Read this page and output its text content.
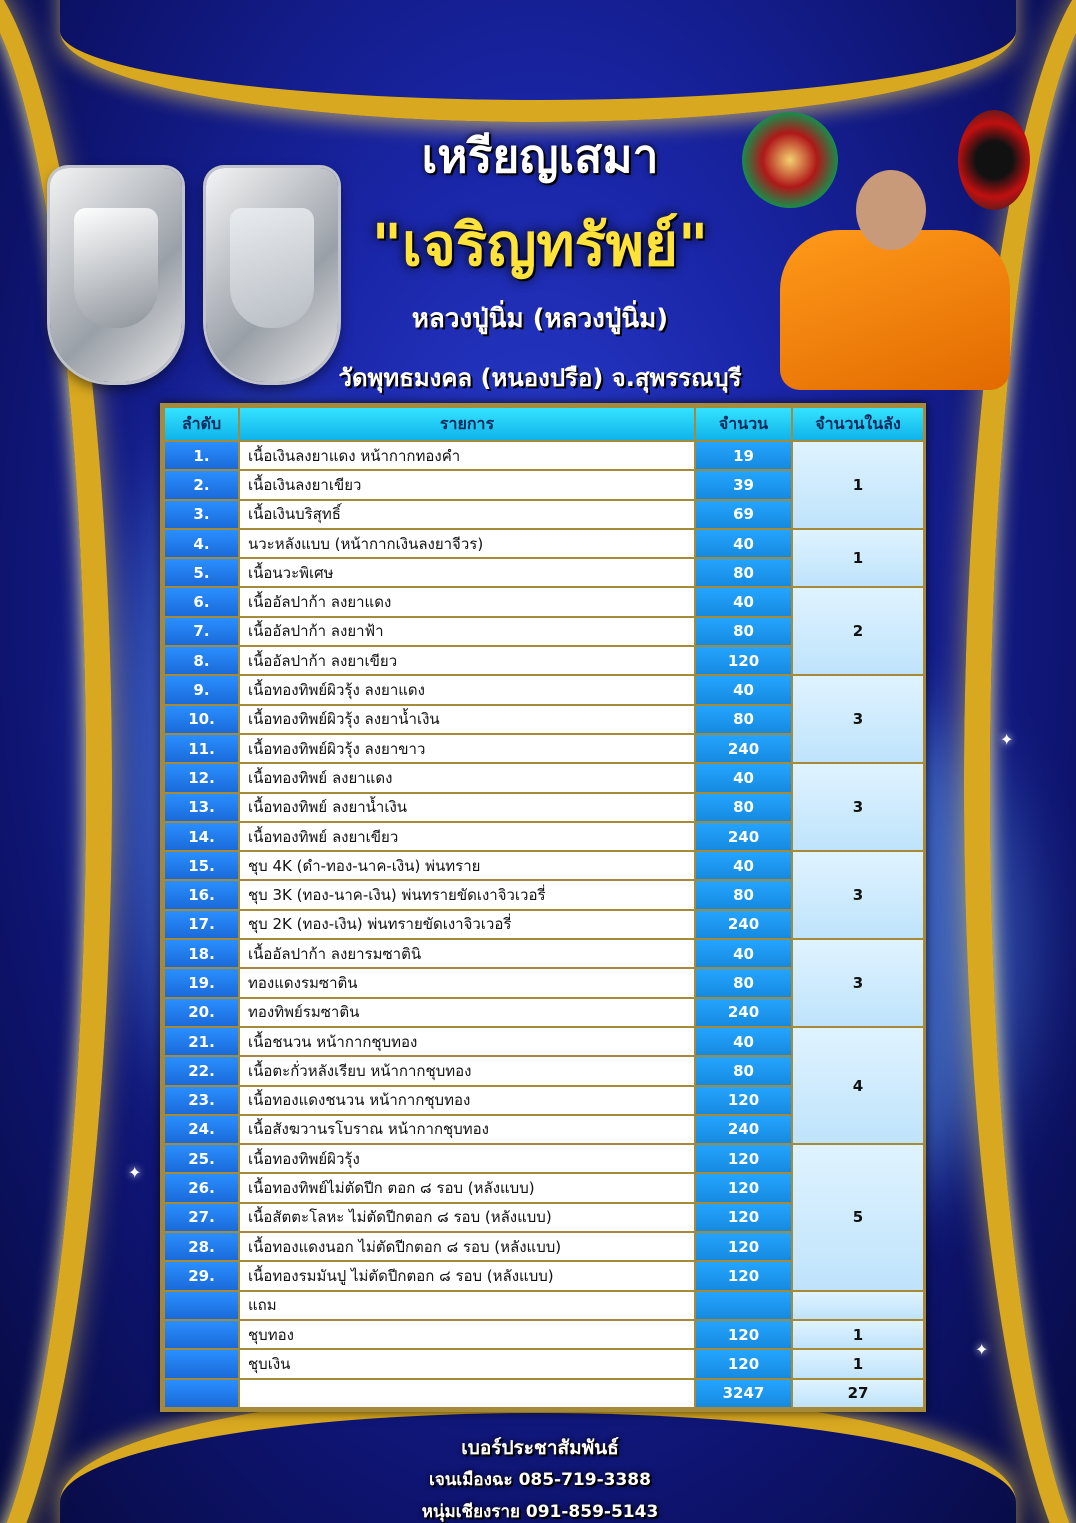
✦
✦
✦
เหรียญเสมา
"เจริญทรัพย์"
หลวงปู่นิ่ม (หลวงปู่นิ่ม)
วัดพุทธมงคล (หนองปรือ) จ.สุพรรณบุรี
ลำดับ	รายการ	จำนวน	จำนวนในลัง
1.	เนื้อเงินลงยาแดง หน้ากากทองคำ	19	1
2.	เนื้อเงินลงยาเขียว	39	
3.	เนื้อเงินบริสุทธิ์	69	
4.	นวะหลังแบบ (หน้ากากเงินลงยาจีวร)	40	1
5.	เนื้อนวะพิเศษ	80	
6.	เนื้ออัลปาก้า ลงยาแดง	40	2
7.	เนื้ออัลปาก้า ลงยาฟ้า	80	
8.	เนื้ออัลปาก้า ลงยาเขียว	120	
9.	เนื้อทองทิพย์ผิวรุ้ง ลงยาแดง	40	3
10.	เนื้อทองทิพย์ผิวรุ้ง ลงยาน้ำเงิน	80	
11.	เนื้อทองทิพย์ผิวรุ้ง ลงยาขาว	240	
12.	เนื้อทองทิพย์ ลงยาแดง	40	3
13.	เนื้อทองทิพย์ ลงยาน้ำเงิน	80	
14.	เนื้อทองทิพย์ ลงยาเขียว	240	
15.	ชุบ 4K (ดำ-ทอง-นาค-เงิน) พ่นทราย	40	3
16.	ชุบ 3K (ทอง-นาค-เงิน) พ่นทรายขัดเงาจิวเวอรี่	80	
17.	ชุบ 2K (ทอง-เงิน) พ่นทรายขัดเงาจิวเวอรี่	240	
18.	เนื้ออัลปาก้า ลงยารมซาตินิ	40	3
19.	ทองแดงรมซาติน	80	
20.	ทองทิพย์รมซาติน	240	
21.	เนื้อชนวน หน้ากากชุบทอง	40	4
22.	เนื้อตะกั่วหลังเรียบ หน้ากากชุบทอง	80	
23.	เนื้อทองแดงชนวน หน้ากากชุบทอง	120	
24.	เนื้อสังฆวานรโบราณ หน้ากากชุบทอง	240	
25.	เนื้อทองทิพย์ผิวรุ้ง	120	5
26.	เนื้อทองทิพย์ไม่ตัดปีก ตอก ๘ รอบ (หลังแบบ)	120	
27.	เนื้อสัตตะโลหะ ไม่ตัดปีกตอก ๘ รอบ (หลังแบบ)	120	
28.	เนื้อทองแดงนอก ไม่ตัดปีกตอก ๘ รอบ (หลังแบบ)	120	
29.	เนื้อทองรมมันปู ไม่ตัดปีกตอก ๘ รอบ (หลังแบบ)	120	
	แถม		
	ชุบทอง	120	1
	ชุบเงิน	120	1
		3247	27
เบอร์ประชาสัมพันธ์
เจนเมืองฉะ 085-719-3388
หนุ่มเชียงราย 091-859-5143
